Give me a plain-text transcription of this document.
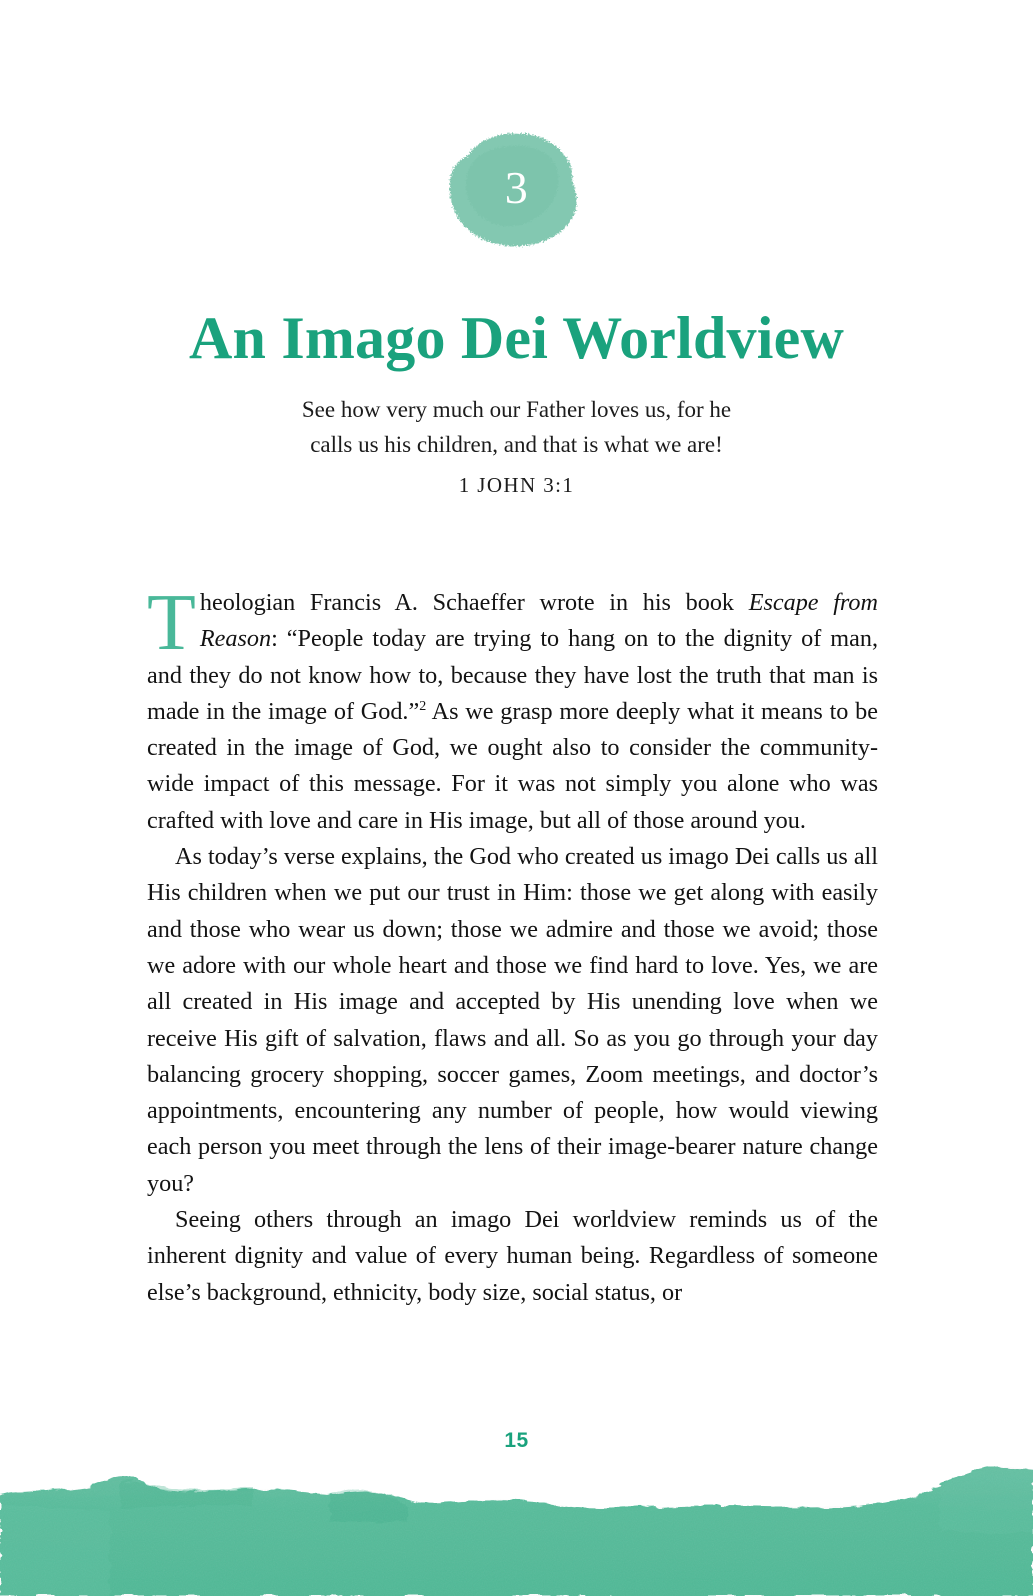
3
An Imago Dei Worldview
See how very much our Father loves us, for he
calls us his children, and that is what we are!
1 JOHN 3:1

Theologian Francis A. Schaeffer wrote in his book Escape from Reason: “People today are trying to hang on to the dignity of man, and they do not know how to, because they have lost the truth that man is made in the image of God.”$^2$ As we grasp more deeply what it means to be created in the image of God, we ought also to consider the community-wide impact of this message. For it was not simply you alone who was crafted with love and care in His image, but all of those around you.

As today’s verse explains, the God who created us imago Dei calls us all His children when we put our trust in Him: those we get along with easily and those who wear us down; those we admire and those we avoid; those we adore with our whole heart and those we find hard to love. Yes, we are all created in His image and accepted by His unending love when we receive His gift of salvation, flaws and all. So as you go through your day balancing grocery shopping, soccer games, Zoom meetings, and doctor’s appointments, encountering any number of people, how would viewing each person you meet through the lens of their image-bearer nature change you?

Seeing others through an imago Dei worldview reminds us of the inherent dignity and value of every human being. Regardless of someone else’s background, ethnicity, body size, social status, or

15
